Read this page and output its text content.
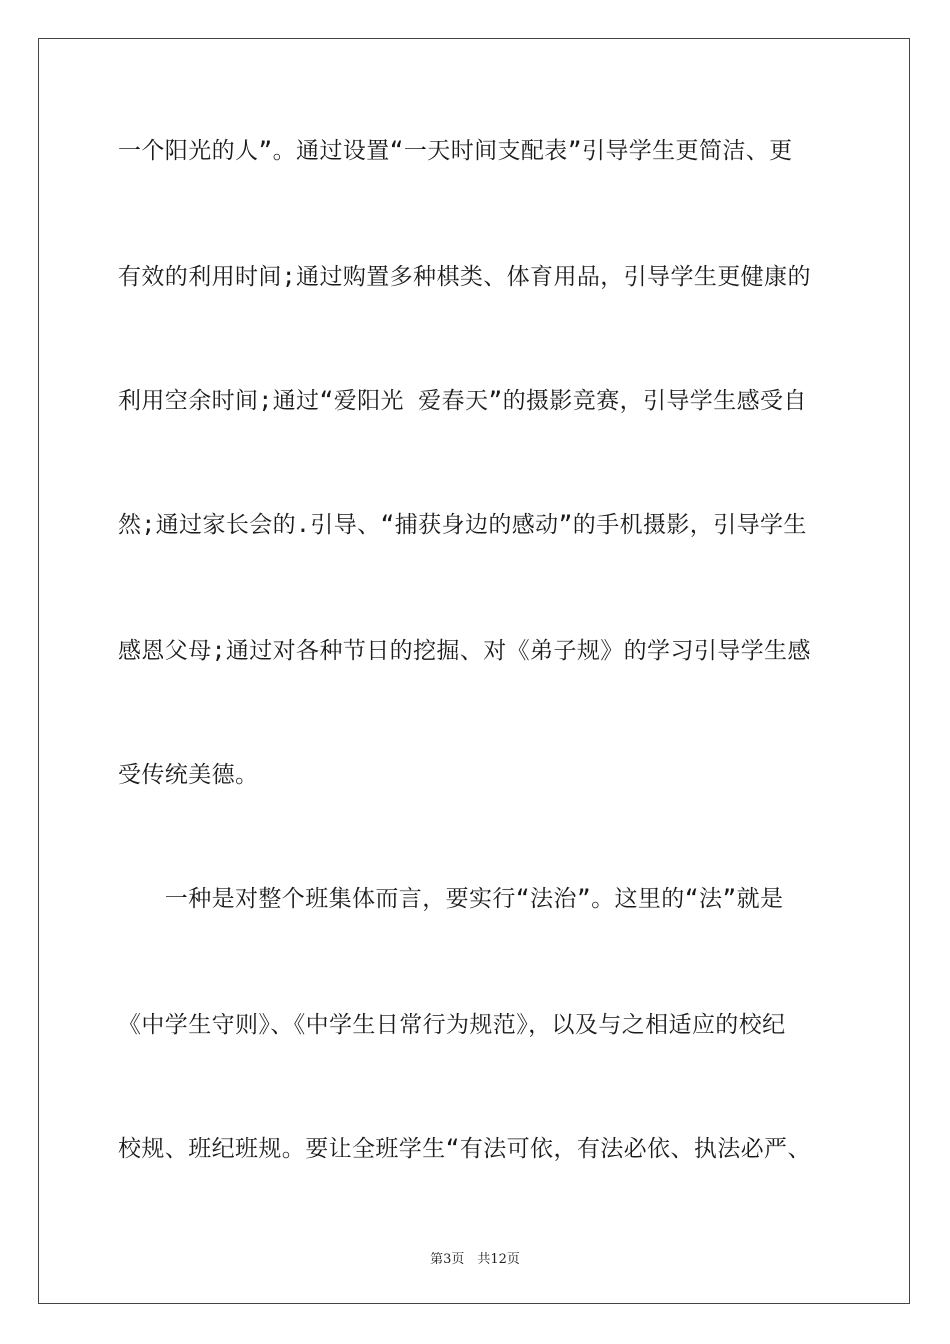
一个阳光的人”。通过设置“一天时间支配表”引导学生更简洁、更
有效的利用时间;通过购置多种棋类、体育用品，引导学生更健康的
利用空余时间;通过“爱阳光 爱春天”的摄影竞赛，引导学生感受自
然;通过家长会的.引导、“捕获身边的感动”的手机摄影，引导学生
感恩父母;通过对各种节日的挖掘、对《弟子规》的学习引导学生感
受传统美德。
　　一种是对整个班集体而言，要实行“法治”。这里的“法”就是
《中学生守则》、《中学生日常行为规范》，以及与之相适应的校纪
校规、班纪班规。要让全班学生“有法可依，有法必依、执法必严、
第3页　共12页
